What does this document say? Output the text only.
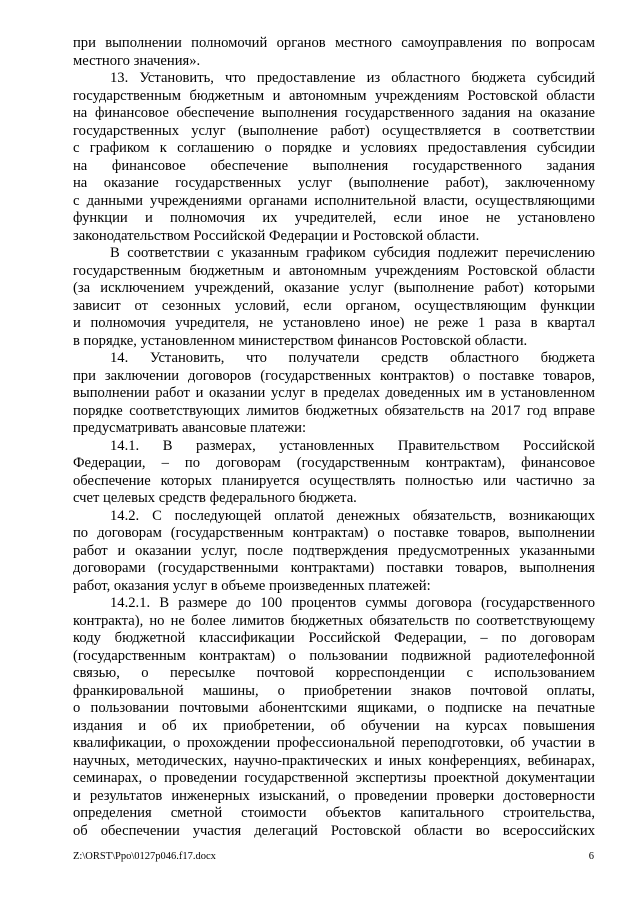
при выполнении полномочий органов местного самоуправления по вопросам

местного значения».

13. Установить, что предоставление из областного бюджета субсидий

государственным бюджетным и автономным учреждениям Ростовской области

на финансовое обеспечение выполнения государственного задания на оказание

государственных услуг (выполнение работ) осуществляется в соответствии

с графиком к соглашению о порядке и условиях предоставления субсидии

на финансовое обеспечение выполнения государственного задания

на оказание государственных услуг (выполнение работ), заключенному

с данными учреждениями органами исполнительной власти, осуществляющими

функции и полномочия их учредителей, если иное не установлено

законодательством Российской Федерации и Ростовской области.

В соответствии с указанным графиком субсидия подлежит перечислению

государственным бюджетным и автономным учреждениям Ростовской области

(за исключением учреждений, оказание услуг (выполнение работ) которыми

зависит от сезонных условий, если органом, осуществляющим функции

и полномочия учредителя, не установлено иное) не реже 1 раза в квартал

в порядке, установленном министерством финансов Ростовской области.

14. Установить, что получатели средств областного бюджета

при заключении договоров (государственных контрактов) о поставке товаров,

выполнении работ и оказании услуг в пределах доведенных им в установленном

порядке соответствующих лимитов бюджетных обязательств на 2017 год вправе

предусматривать авансовые платежи:

14.1. В размерах, установленных Правительством Российской

Федерации, – по договорам (государственным контрактам), финансовое

обеспечение которых планируется осуществлять полностью или частично за

счет целевых средств федерального бюджета.

14.2. С последующей оплатой денежных обязательств, возникающих

по договорам (государственным контрактам) о поставке товаров, выполнении

работ и оказании услуг, после подтверждения предусмотренных указанными

договорами (государственными контрактами) поставки товаров, выполнения

работ, оказания услуг в объеме произведенных платежей:

14.2.1. В размере до 100 процентов суммы договора (государственного

контракта), но не более лимитов бюджетных обязательств по соответствующему

коду бюджетной классификации Российской Федерации, – по договорам

(государственным контрактам) о пользовании подвижной радиотелефонной

связью, о пересылке почтовой корреспонденции с использованием

франкировальной машины, о приобретении знаков почтовой оплаты,

о пользовании почтовыми абонентскими ящиками, о подписке на печатные

издания и об их приобретении, об обучении на курсах повышения

квалификации, о прохождении профессиональной переподготовки, об участии в

научных, методических, научно-практических и иных конференциях, вебинарах,

семинарах, о проведении государственной экспертизы проектной документации

и результатов инженерных изысканий, о проведении проверки достоверности

определения сметной стоимости объектов капитального строительства,

об обеспечении участия делегаций Ростовской области во всероссийских

Z:\ORST\Ppo\0127p046.f17.docx	6
